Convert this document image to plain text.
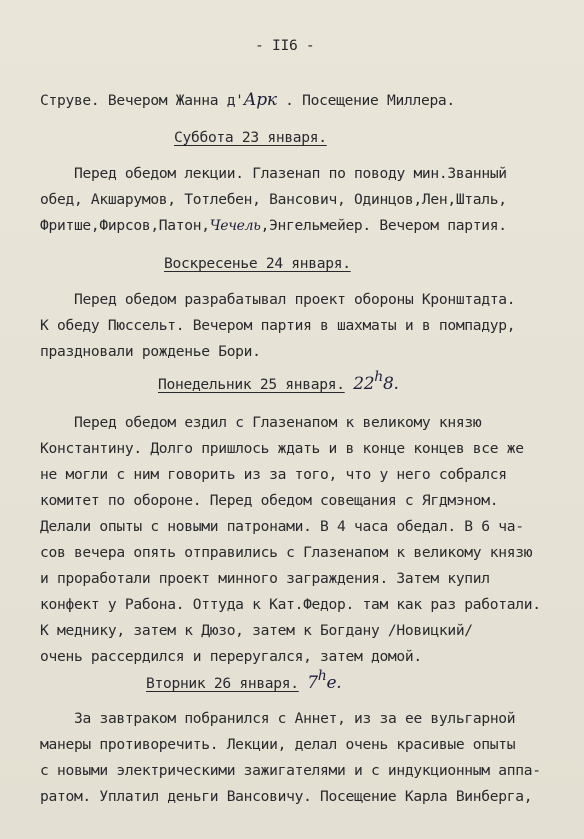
- II6 -
Струве. Вечером Жанна д'Арк . Посещение Миллера.
Суббота 23 января.
Перед обедом лекции. Глазенап по поводу мин.Званный
обед, Акшарумов, Тотлебен, Вансович, Одинцов,Лен,Шталь,
Фритше,Фирсов,Патон,Чечель,Энгельмейер. Вечером партия.
Воскресенье 24 января.
Перед обедом разрабатывал проект обороны Кронштадта.
К обеду Пюссельт. Вечером партия в шахматы и в помпадур,
праздновали рожденье Бори.
Понедельник 25 января. 22$^h$8.
Перед обедом ездил с Глазенапом к великому князю
Константину. Долго пришлось ждать и в конце концев все же
не могли с ним говорить из за того, что у него собрался
комитет по обороне. Перед обедом совещания с Ягдмэном.
Делали опыты с новыми патронами. В 4 часа обедал. В 6 ча-
сов вечера опять отправились с Глазенапом к великому князю
и проработали проект минного заграждения. Затем купил
конфект у Рабона. Оттуда к Кат.Федор. там как раз работали.
К меднику, затем к Дюзо, затем к Богдану /Новицкий/
очень рассердился и переругался, затем домой.
Вторник 26 января. 7$^h$e.
За завтраком побранился с Аннет, из за ее вульгарной
манеры противоречить. Лекции, делал очень красивые опыты
с новыми электрическими зажигателями и с индукционным аппа-
ратом. Уплатил деньги Вансовичу. Посещение Карла Винберга,
